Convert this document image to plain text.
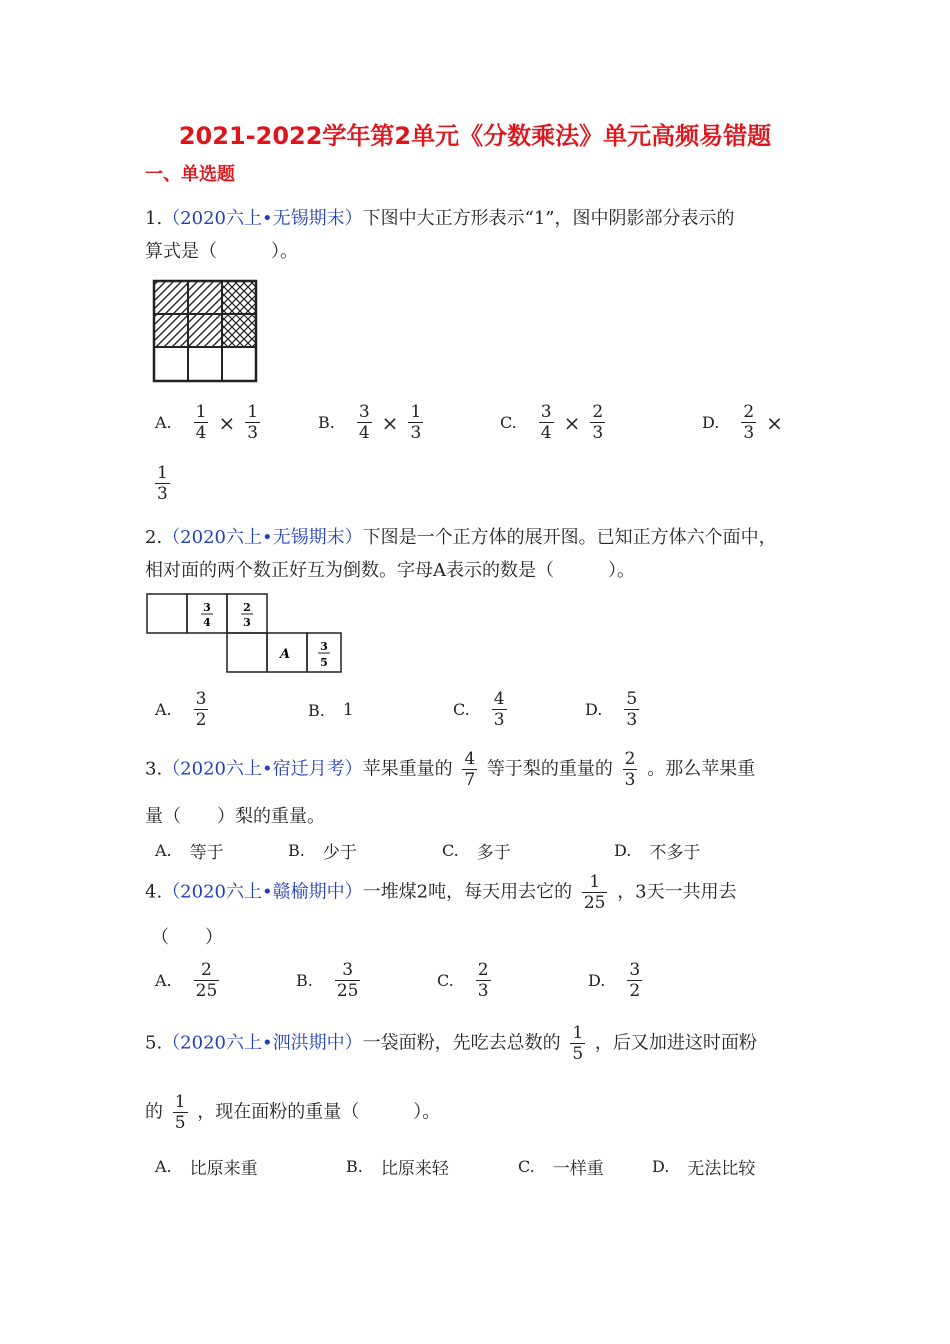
2021-2022学年第2单元《分数乘法》单元高频易错题
一、单选题
1.（2020六上•无锡期末）下图中大正方形表示“1”，图中阴影部分表示的
算式是（　　　）。
A. $\frac{1}{4} \times \frac{1}{3}$	B. $\frac{3}{4} \times \frac{1}{3}$	C. $\frac{3}{4} \times \frac{2}{3}$	D. $\frac{2}{3}$ ×
$\frac{1}{3}$
2.（2020六上•无锡期末）下图是一个正方体的展开图。已知正方体六个面中，
相对面的两个数正好互为倒数。字母A表示的数是（　　　）。
3
4
2
3
A
3
5
A. $\frac{3}{2}$	B. 1	C. $\frac{4}{3}$	D. $\frac{5}{3}$
3.（2020六上•宿迁月考）苹果重量的 $\frac{4}{7}$ 等于梨的重量的 $\frac{2}{3}$ 。那么苹果重
量（　　）梨的重量。
A. 等于	B. 少于	C. 多于	D. 不多于
4.（2020六上•赣榆期中）一堆煤2吨，每天用去它的 $\frac{1}{25}$ ，3天一共用去
（　　）
A. $\frac{2}{25}$	B. $\frac{3}{25}$	C. $\frac{2}{3}$	D. $\frac{3}{2}$
5.（2020六上•泗洪期中）一袋面粉，先吃去总数的 $\frac{1}{5}$ ，后又加进这时面粉
的 $\frac{1}{5}$ ，现在面粉的重量（　　　）。
A. 比原来重	B. 比原来轻	C. 一样重	D. 无法比较
